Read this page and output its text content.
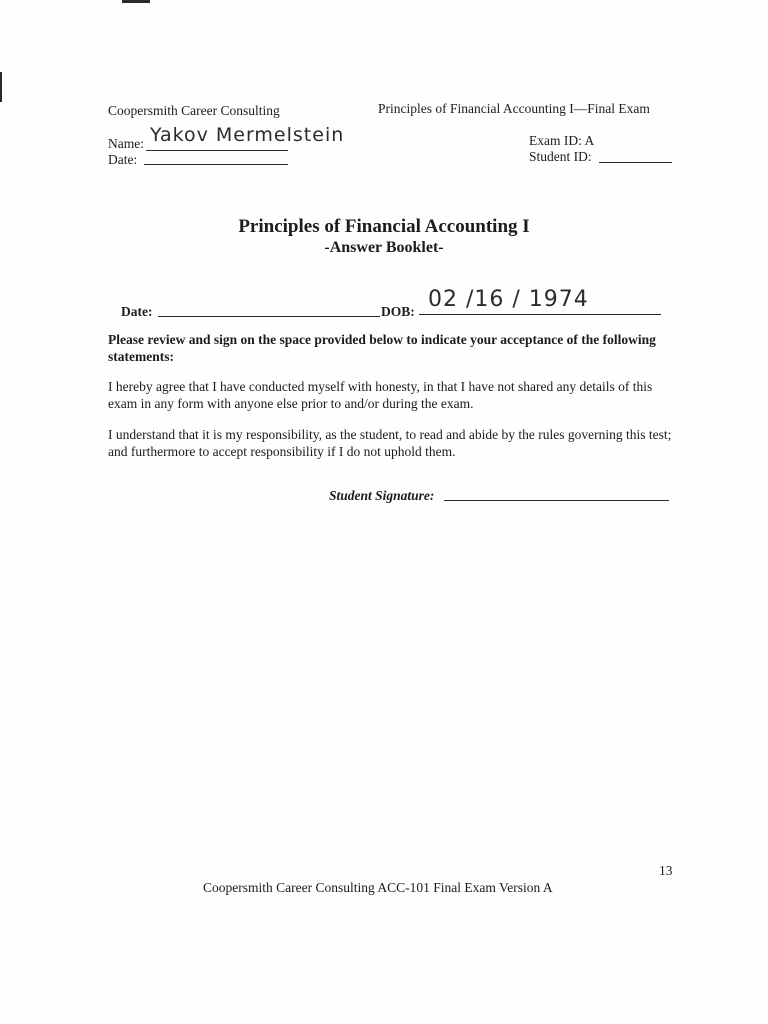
Coopersmith Career Consulting	Principles of Financial Accounting I—Final Exam
Name: Yakov Mermelstein
Date:
Exam ID: A
Student ID:
Principles of Financial Accounting I
-Answer Booklet-
Date:	DOB: 02 /16 / 1974
Please review and sign on the space provided below to indicate your acceptance of the following statements:
I hereby agree that I have conducted myself with honesty, in that I have not shared any details of this exam in any form with anyone else prior to and/or during the exam.
I understand that it is my responsibility, as the student, to read and abide by the rules governing this test; and furthermore to accept responsibility if I do not uphold them.
Student Signature:
13
Coopersmith Career Consulting ACC-101 Final Exam Version A
